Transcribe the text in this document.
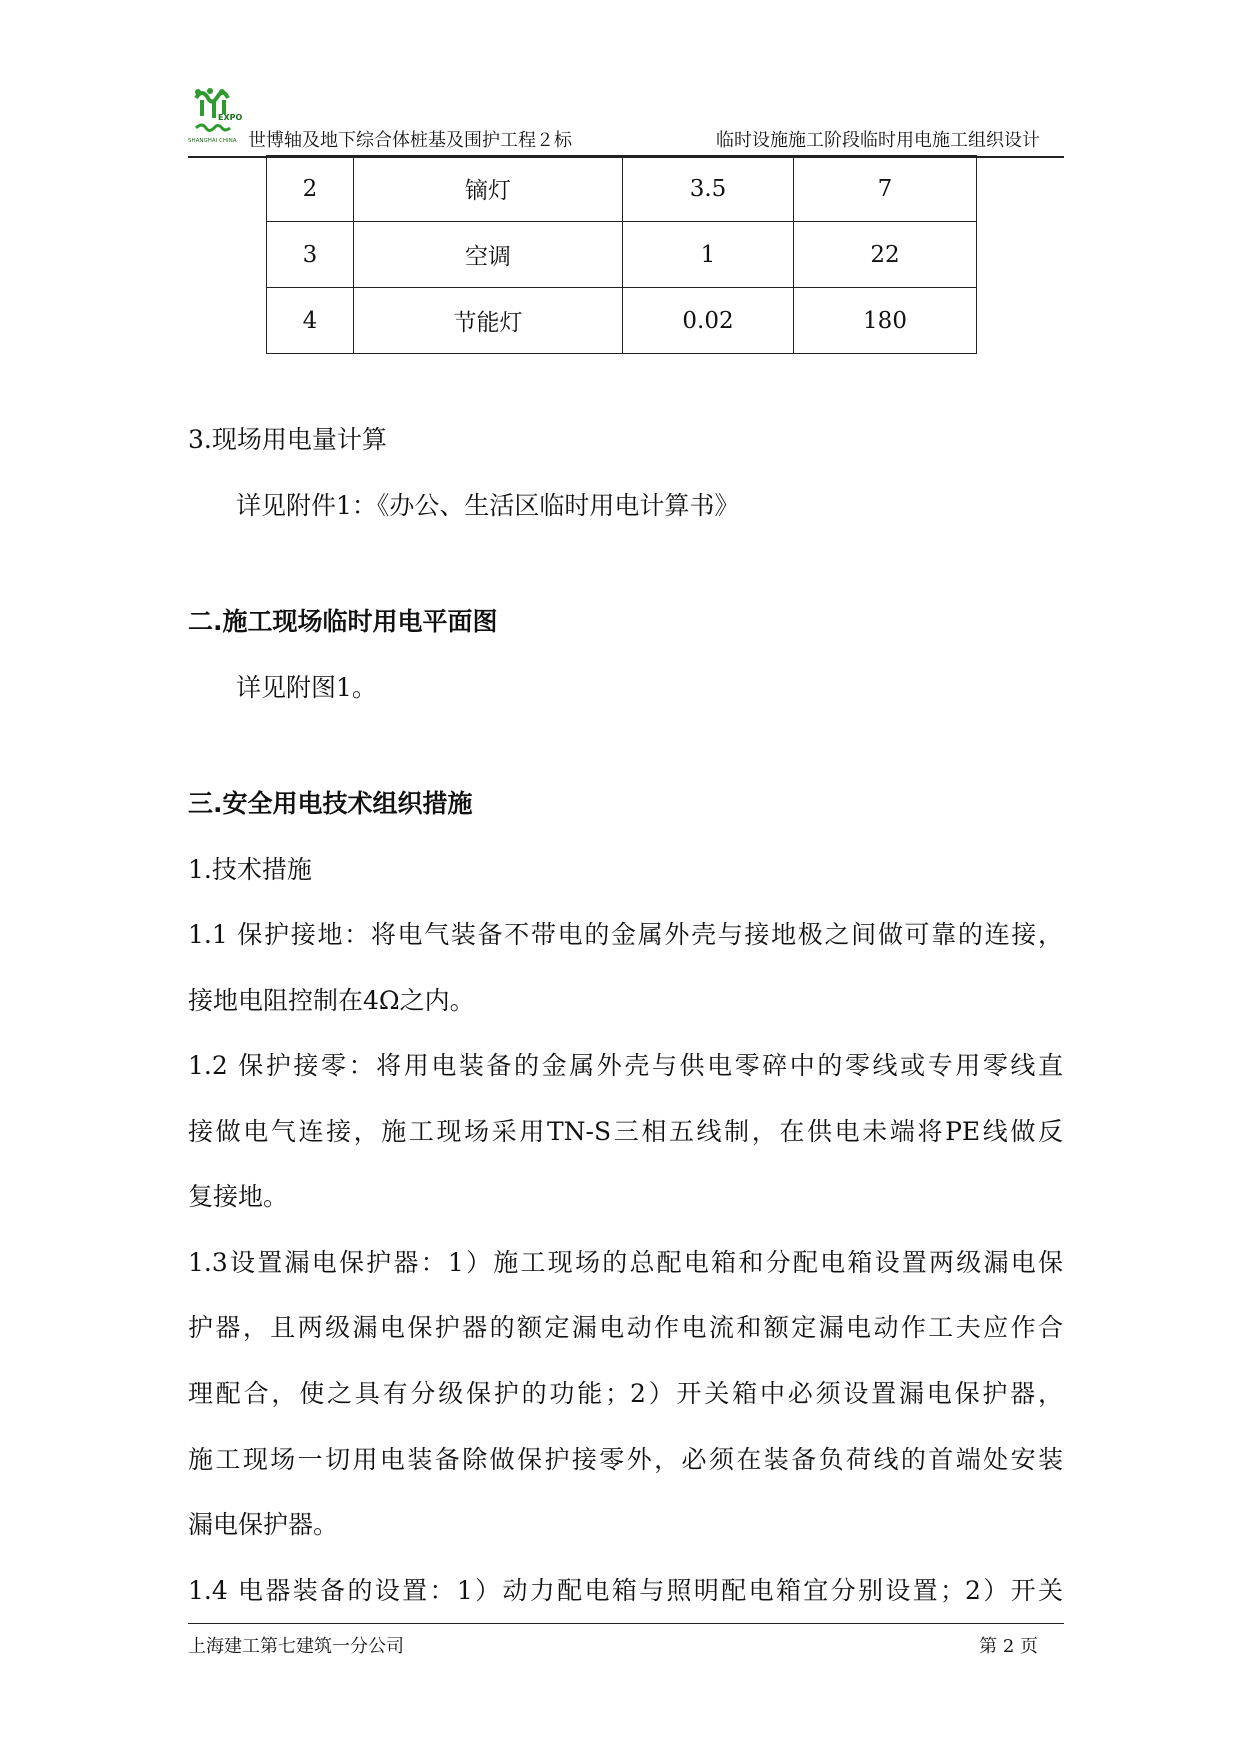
EXPO
SHANGHAI CHINA 世博轴及地下综合体桩基及围护工程２标	临时设施施工阶段临时用电施工组织设计
2	镝灯	3.5	7
3	空调	1	22
4	节能灯	0.02	180
3.现场用电量计算
详见附件1：《办公、生活区临时用电计算书》
二.施工现场临时用电平面图
详见附图1。
三.安全用电技术组织措施
1.技术措施
1.1 保护接地：将电气装备不带电的金属外壳与接地极之间做可靠的连接，
接地电阻控制在4Ω之内。
1.2 保护接零：将用电装备的金属外壳与供电零碎中的零线或专用零线直
接做电气连接，施工现场采用TN-S三相五线制，在供电未端将PE线做反
复接地。
1.3设置漏电保护器：1）施工现场的总配电箱和分配电箱设置两级漏电保
护器，且两级漏电保护器的额定漏电动作电流和额定漏电动作工夫应作合
理配合，使之具有分级保护的功能；2）开关箱中必须设置漏电保护器，
施工现场一切用电装备除做保护接零外，必须在装备负荷线的首端处安装
漏电保护器。
1.4 电器装备的设置：1）动力配电箱与照明配电箱宜分别设置；2）开关
上海建工第七建筑一分公司	第 2 页
